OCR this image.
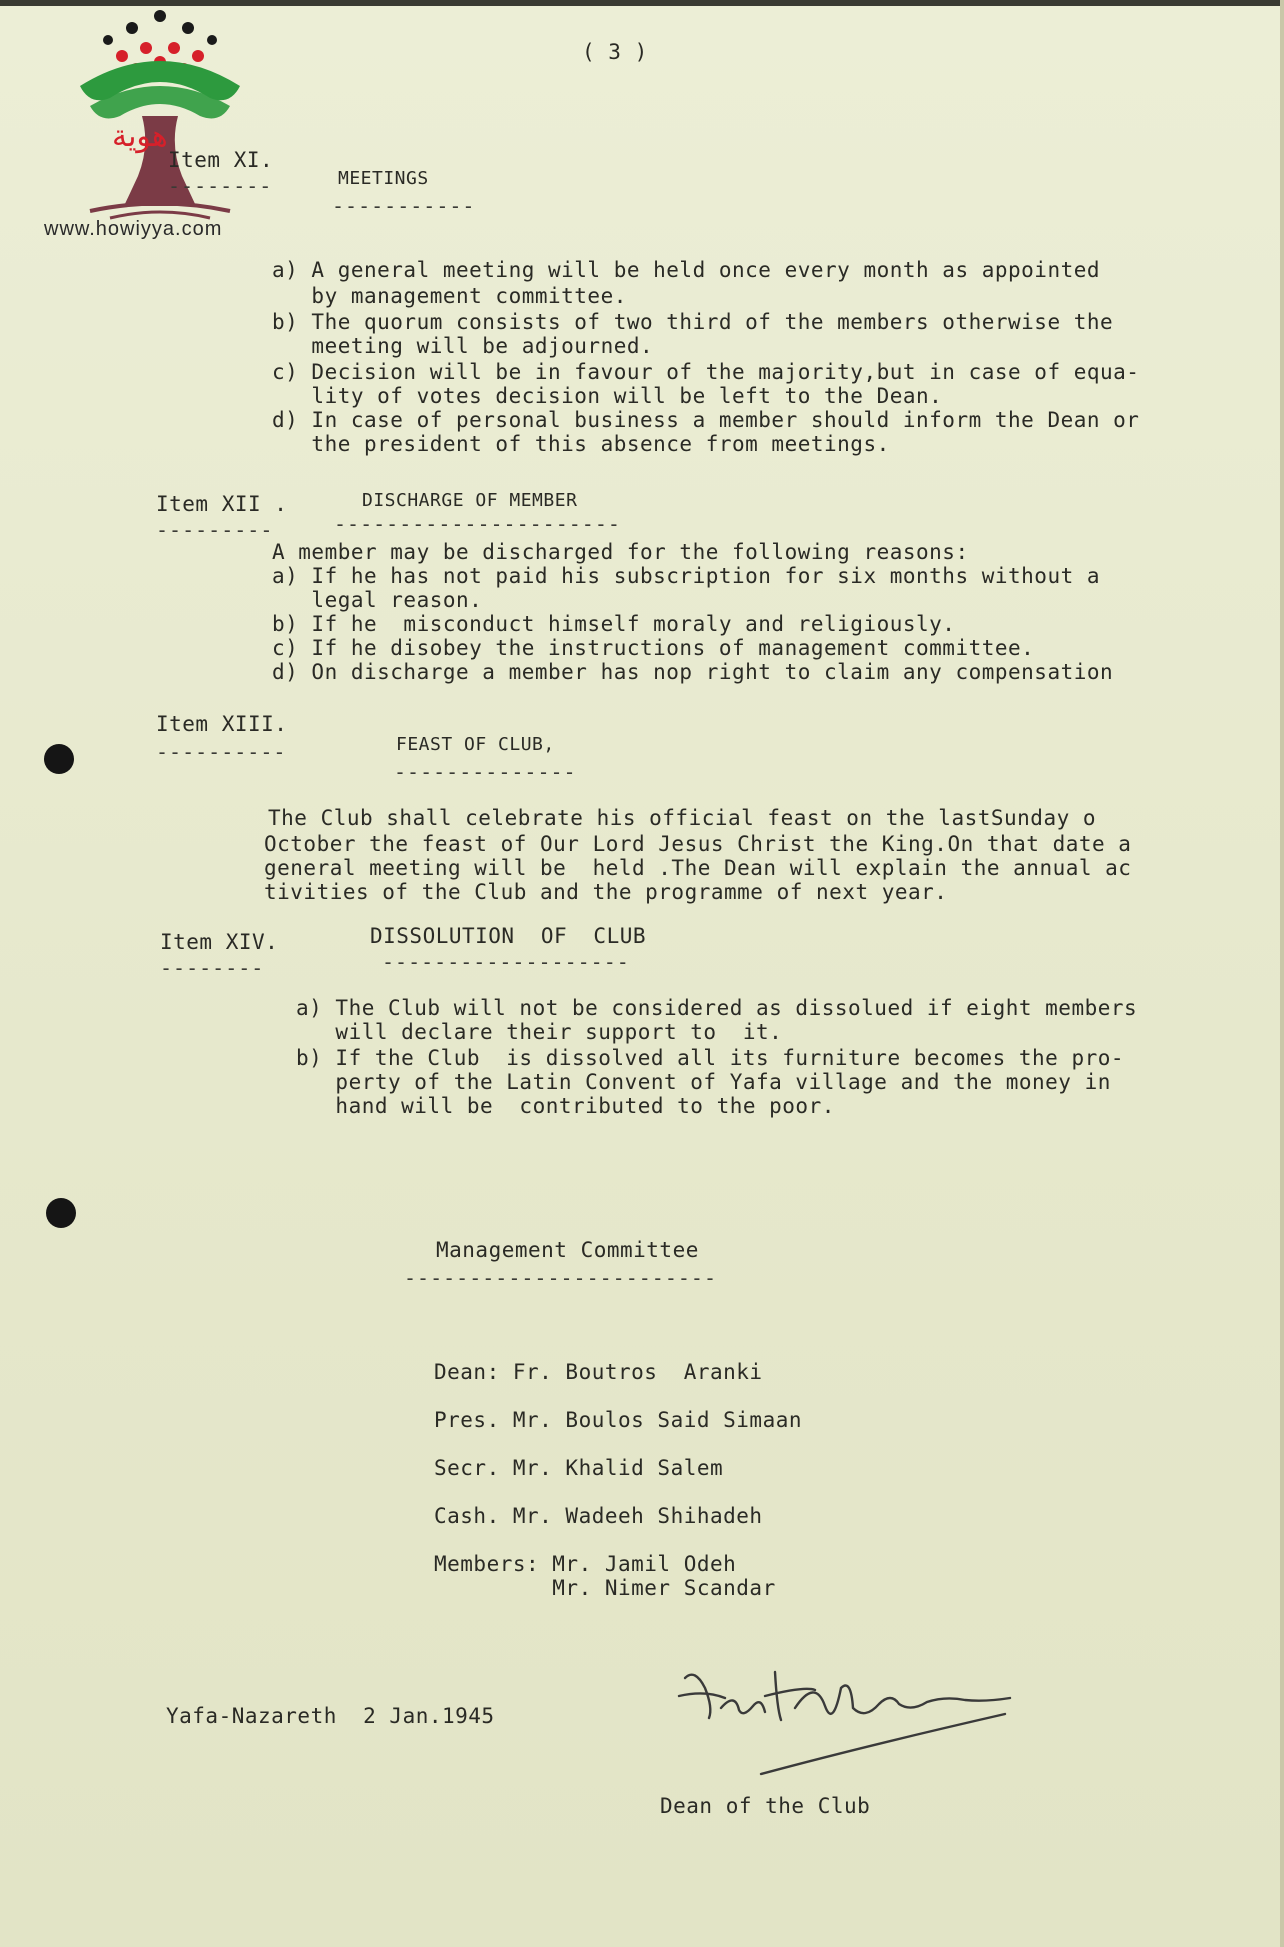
هوية
www.howiyya.com
( 3 )
Item XI.
--------	MEETINGS
-----------
a) A general meeting will be held once every month as appointed
by management committee.
b) The quorum consists of two third of the members otherwise the
meeting will be adjourned.
c) Decision will be in favour of the majority,but in case of equa-
lity of votes decision will be left to the Dean.
d) In case of personal business a member should inform the Dean or
the president of this absence from meetings.
Item XII .
---------
DISCHARGE OF MEMBER
----------------------
A member may be discharged for the following reasons:
a) If he has not paid his subscription for six months without a
legal reason.
b) If he  misconduct himself moraly and religiously.
c) If he disobey the instructions of management committee.
d) On discharge a member has nop right to claim any compensation
Item XIII.
----------	FEAST OF CLUB,
--------------
The Club shall celebrate his official feast on the lastSunday o
October the feast of Our Lord Jesus Christ the King.On that date a
general meeting will be  held .The Dean will explain the annual ac
tivities of the Club and the programme of next year.
Item XIV.
--------
DISSOLUTION  OF  CLUB
-------------------
a) The Club will not be considered as dissolued if eight members
will declare their support to  it.
b) If the Club  is dissolved all its furniture becomes the pro-
perty of the Latin Convent of Yafa village and the money in
hand will be  contributed to the poor.
Management Committee
------------------------
Dean: Fr. Boutros  Aranki
Pres. Mr. Boulos Said Simaan
Secr. Mr. Khalid Salem
Cash. Mr. Wadeeh Shihadeh
Members: Mr. Jamil Odeh
Mr. Nimer Scandar
Yafa-Nazareth  2 Jan.1945
Dean of the Club
